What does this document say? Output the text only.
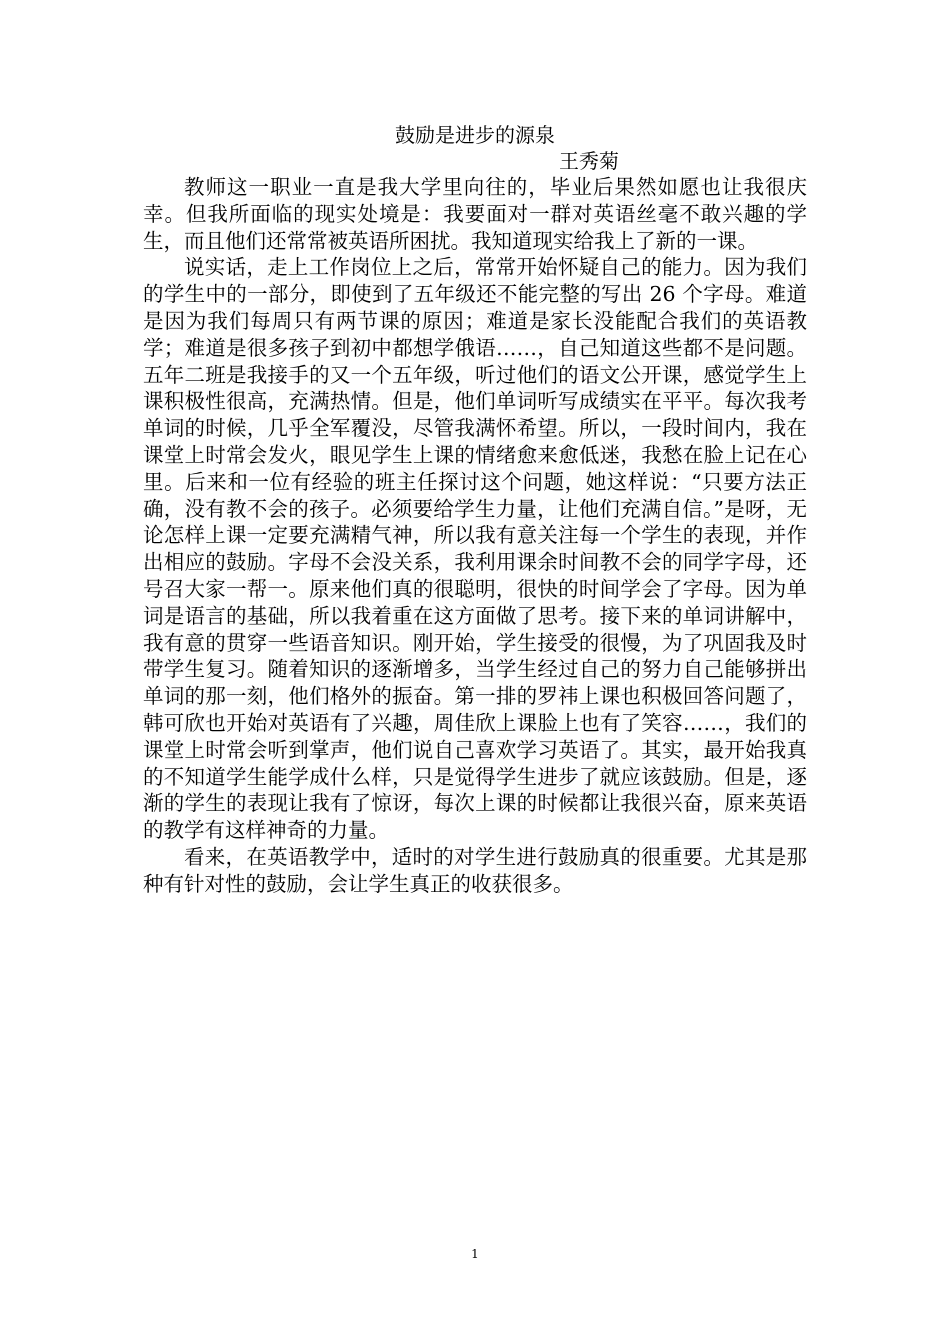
鼓励是进步的源泉

王秀菊

教师这一职业一直是我大学里向往的，毕业后果然如愿也让我很庆幸。但我所面临的现实处境是：我要面对一群对英语丝毫不敢兴趣的学生，而且他们还常常被英语所困扰。我知道现实给我上了新的一课。

说实话，走上工作岗位上之后，常常开始怀疑自己的能力。因为我们的学生中的一部分，即使到了五年级还不能完整的写出 26 个字母。难道是因为我们每周只有两节课的原因；难道是家长没能配合我们的英语教学；难道是很多孩子到初中都想学俄语……，自己知道这些都不是问题。五年二班是我接手的又一个五年级，听过他们的语文公开课，感觉学生上课积极性很高，充满热情。但是，他们单词听写成绩实在平平。每次我考单词的时候，几乎全军覆没，尽管我满怀希望。所以，一段时间内，我在课堂上时常会发火，眼见学生上课的情绪愈来愈低迷，我愁在脸上记在心里。后来和一位有经验的班主任探讨这个问题，她这样说：“只要方法正确，没有教不会的孩子。必须要给学生力量，让他们充满自信。”是呀，无论怎样上课一定要充满精气神，所以我有意关注每一个学生的表现，并作出相应的鼓励。字母不会没关系，我利用课余时间教不会的同学字母，还号召大家一帮一。原来他们真的很聪明，很快的时间学会了字母。因为单词是语言的基础，所以我着重在这方面做了思考。接下来的单词讲解中，我有意的贯穿一些语音知识。刚开始，学生接受的很慢，为了巩固我及时带学生复习。随着知识的逐渐增多，当学生经过自己的努力自己能够拼出单词的那一刻，他们格外的振奋。第一排的罗祎上课也积极回答问题了，韩可欣也开始对英语有了兴趣，周佳欣上课脸上也有了笑容……，我们的课堂上时常会听到掌声，他们说自己喜欢学习英语了。其实，最开始我真的不知道学生能学成什么样，只是觉得学生进步了就应该鼓励。但是，逐渐的学生的表现让我有了惊讶，每次上课的时候都让我很兴奋，原来英语的教学有这样神奇的力量。

看来，在英语教学中，适时的对学生进行鼓励真的很重要。尤其是那种有针对性的鼓励，会让学生真正的收获很多。

1
